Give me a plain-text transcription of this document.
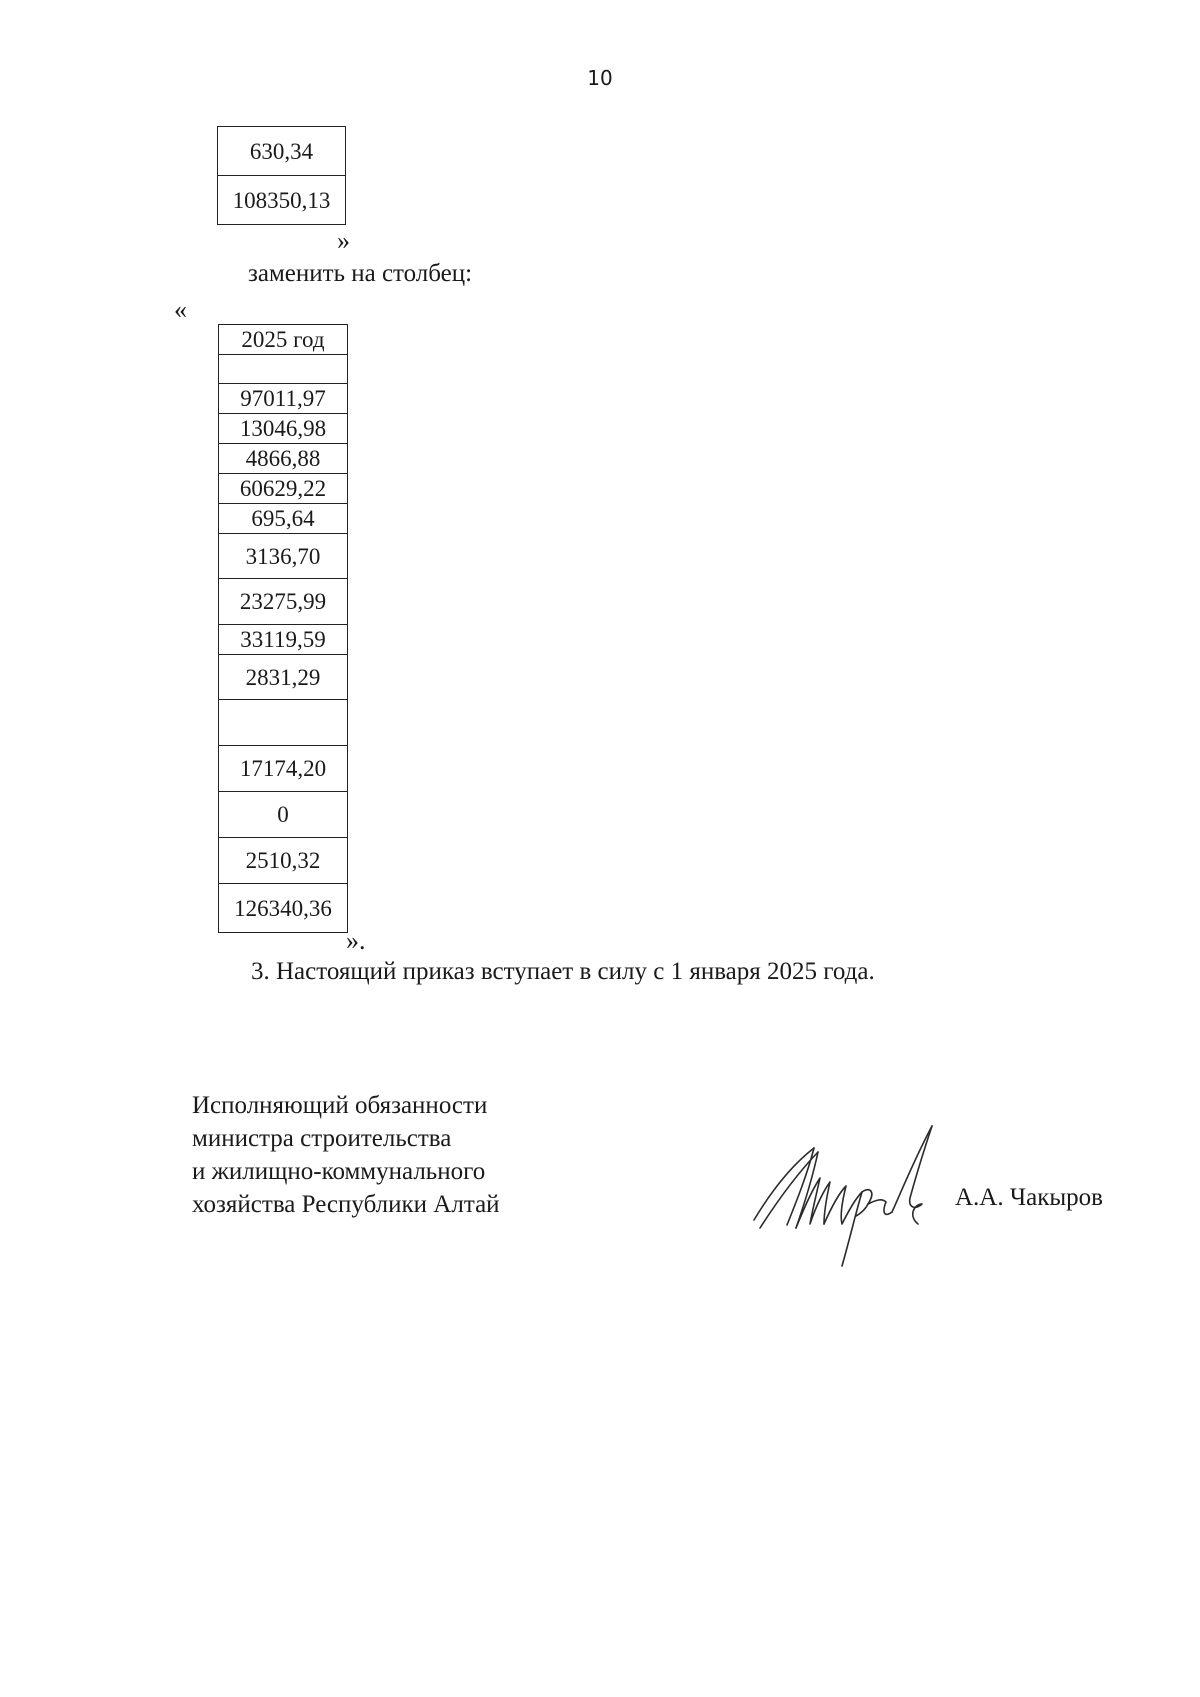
10
630,34
108350,13
»
заменить на столбец:
«
2025 год

97011,97
13046,98
4866,88
60629,22
695,64
3136,70
23275,99
33119,59
2831,29

17174,20
0
2510,32
126340,36
».
3. Настоящий приказ вступает в силу с 1 января 2025 года.
Исполняющий обязанности
министра строительства
и жилищно-коммунального
хозяйства Республики Алтай	А.А. Чакыров
